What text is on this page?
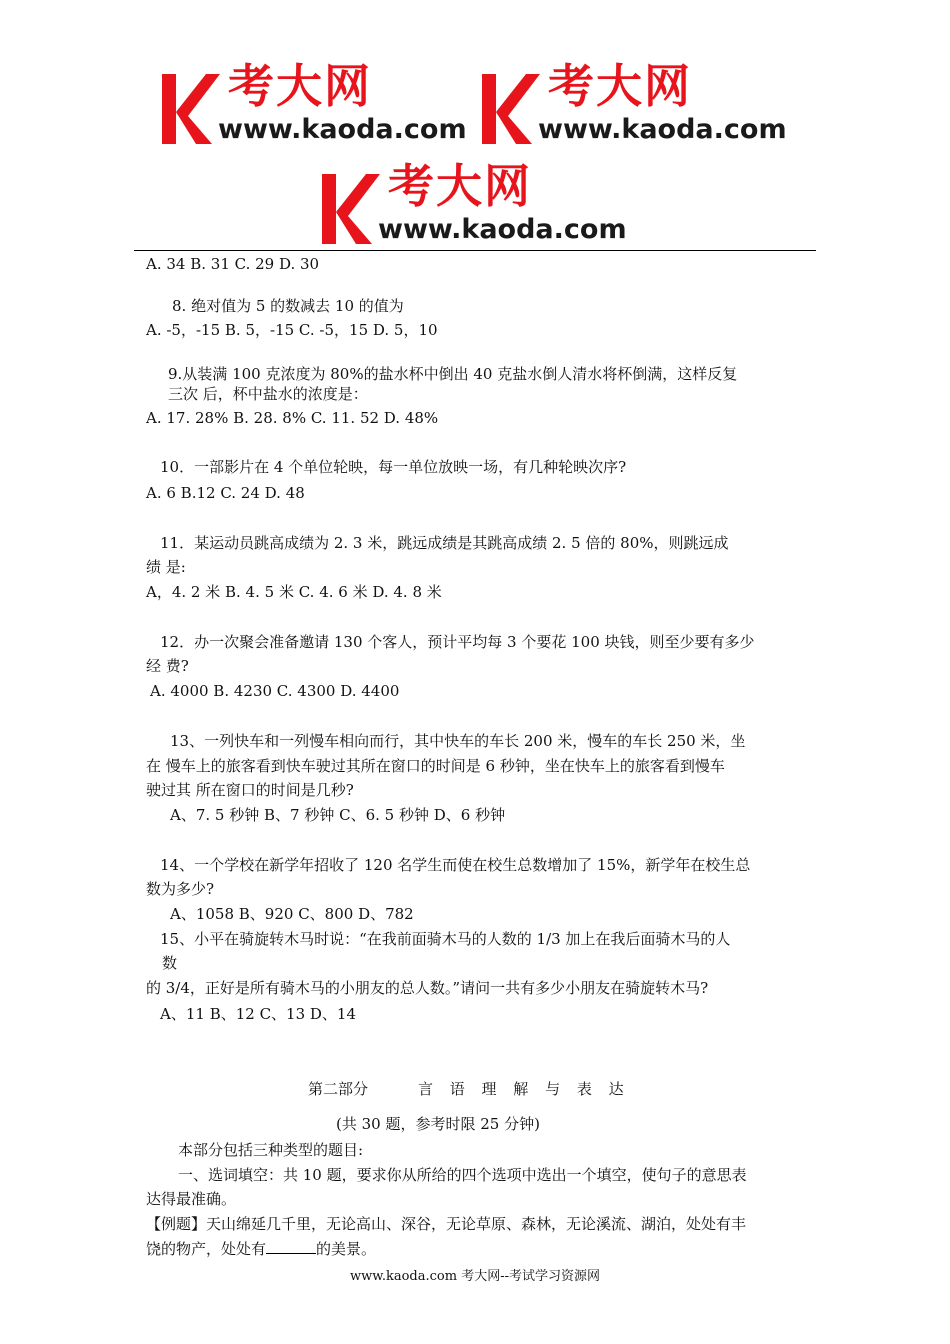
考大网
www.kaoda.com
考大网
www.kaoda.com
考大网
www.kaoda.com
A. 34 B. 31 C. 29 D. 30
8. 绝对值为 5 的数减去 10 的值为
A. -5，-15 B. 5，-15 C. -5，15 D. 5，10
9.从装满 100 克浓度为 80%的盐水杯中倒出 40 克盐水倒人清水将杯倒满，这样反复
三次 后，杯中盐水的浓度是：
A. 17. 28% B. 28. 8% C. 11. 52 D. 48%
10．一部影片在 4 个单位轮映，每一单位放映一场，有几种轮映次序?
A. 6 B.12 C. 24 D. 48
11．某运动员跳高成绩为 2. 3 米，跳远成绩是其跳高成绩 2. 5 倍的 80%，则跳远成
绩 是:
A，4. 2 米 B. 4. 5 米 C. 4. 6 米 D. 4. 8 米
12．办一次聚会准备邀请 130 个客人，预计平均每 3 个要花 100 块钱，则至少要有多少
经 费?
A. 4000 B. 4230 C. 4300 D. 4400
13、一列快车和一列慢车相向而行，其中快车的车长 200 米，慢车的车长 250 米，坐
在 慢车上的旅客看到快车驶过其所在窗口的时间是 6 秒钟，坐在快车上的旅客看到慢车
驶过其 所在窗口的时间是几秒?
A、7. 5 秒钟 B、7 秒钟 C、6. 5 秒钟 D、6 秒钟
14、一个学校在新学年招收了 120 名学生而使在校生总数增加了 15%，新学年在校生总
数为多少?
A、1058 B、920 C、800 D、782
15、小平在骑旋转木马时说：“在我前面骑木马的人数的 1/3 加上在我后面骑木马的人
数
的 3/4，正好是所有骑木马的小朋友的总人数。”请问一共有多少小朋友在骑旋转木马?
A、11 B、12 C、13 D、14
第二部分	言 语 理 解 与 表 达
(共 30 题，参考时限 25 分钟)
本部分包括三种类型的题目:
一、选词填空：共 10 题，要求你从所给的四个选项中选出一个填空，使句子的意思表
达得最准确。
【例题】天山绵延几千里，无论高山、深谷，无论草原、森林，无论溪流、湖泊，处处有丰
饶的物产，处处有	的美景。
www.kaoda.com 考大网--考试学习资源网
